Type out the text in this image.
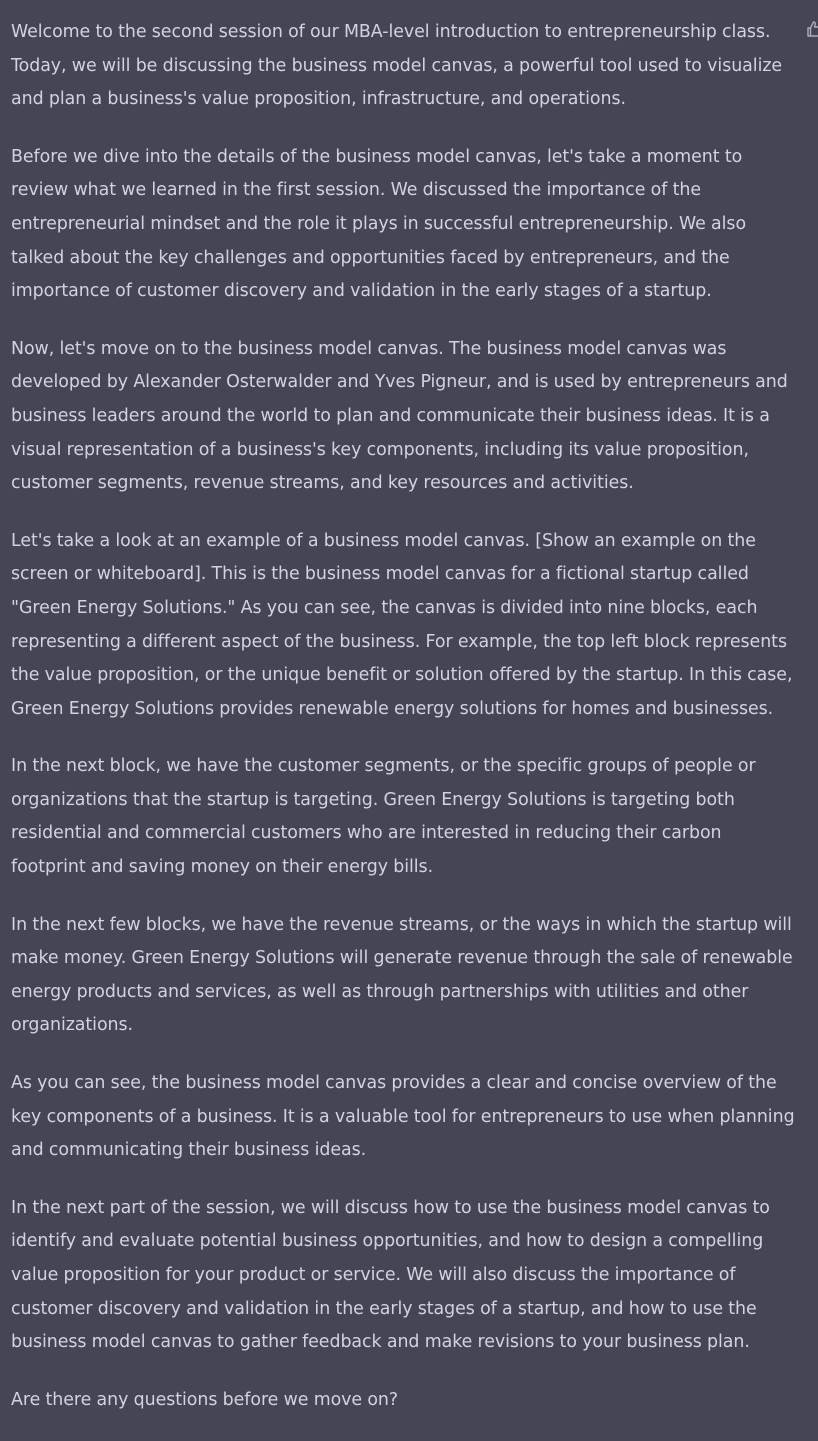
Welcome to the second session of our MBA-level introduction to entrepreneurship class. Today, we will be discussing the business model canvas, a powerful tool used to visualize and plan a business's value proposition, infrastructure, and operations.

Before we dive into the details of the business model canvas, let's take a moment to review what we learned in the first session. We discussed the importance of the entrepreneurial mindset and the role it plays in successful entrepreneurship. We also talked about the key challenges and opportunities faced by entrepreneurs, and the importance of customer discovery and validation in the early stages of a startup.

Now, let's move on to the business model canvas. The business model canvas was developed by Alexander Osterwalder and Yves Pigneur, and is used by entrepreneurs and business leaders around the world to plan and communicate their business ideas. It is a visual representation of a business's key components, including its value proposition, customer segments, revenue streams, and key resources and activities.

Let's take a look at an example of a business model canvas. [Show an example on the screen or whiteboard]. This is the business model canvas for a fictional startup called "Green Energy Solutions." As you can see, the canvas is divided into nine blocks, each representing a different aspect of the business. For example, the top left block represents the value proposition, or the unique benefit or solution offered by the startup. In this case, Green Energy Solutions provides renewable energy solutions for homes and businesses.

In the next block, we have the customer segments, or the specific groups of people or organizations that the startup is targeting. Green Energy Solutions is targeting both residential and commercial customers who are interested in reducing their carbon footprint and saving money on their energy bills.

In the next few blocks, we have the revenue streams, or the ways in which the startup will make money. Green Energy Solutions will generate revenue through the sale of renewable energy products and services, as well as through partnerships with utilities and other organizations.

As you can see, the business model canvas provides a clear and concise overview of the key components of a business. It is a valuable tool for entrepreneurs to use when planning and communicating their business ideas.

In the next part of the session, we will discuss how to use the business model canvas to identify and evaluate potential business opportunities, and how to design a compelling value proposition for your product or service. We will also discuss the importance of customer discovery and validation in the early stages of a startup, and how to use the business model canvas to gather feedback and make revisions to your business plan.

Are there any questions before we move on?
